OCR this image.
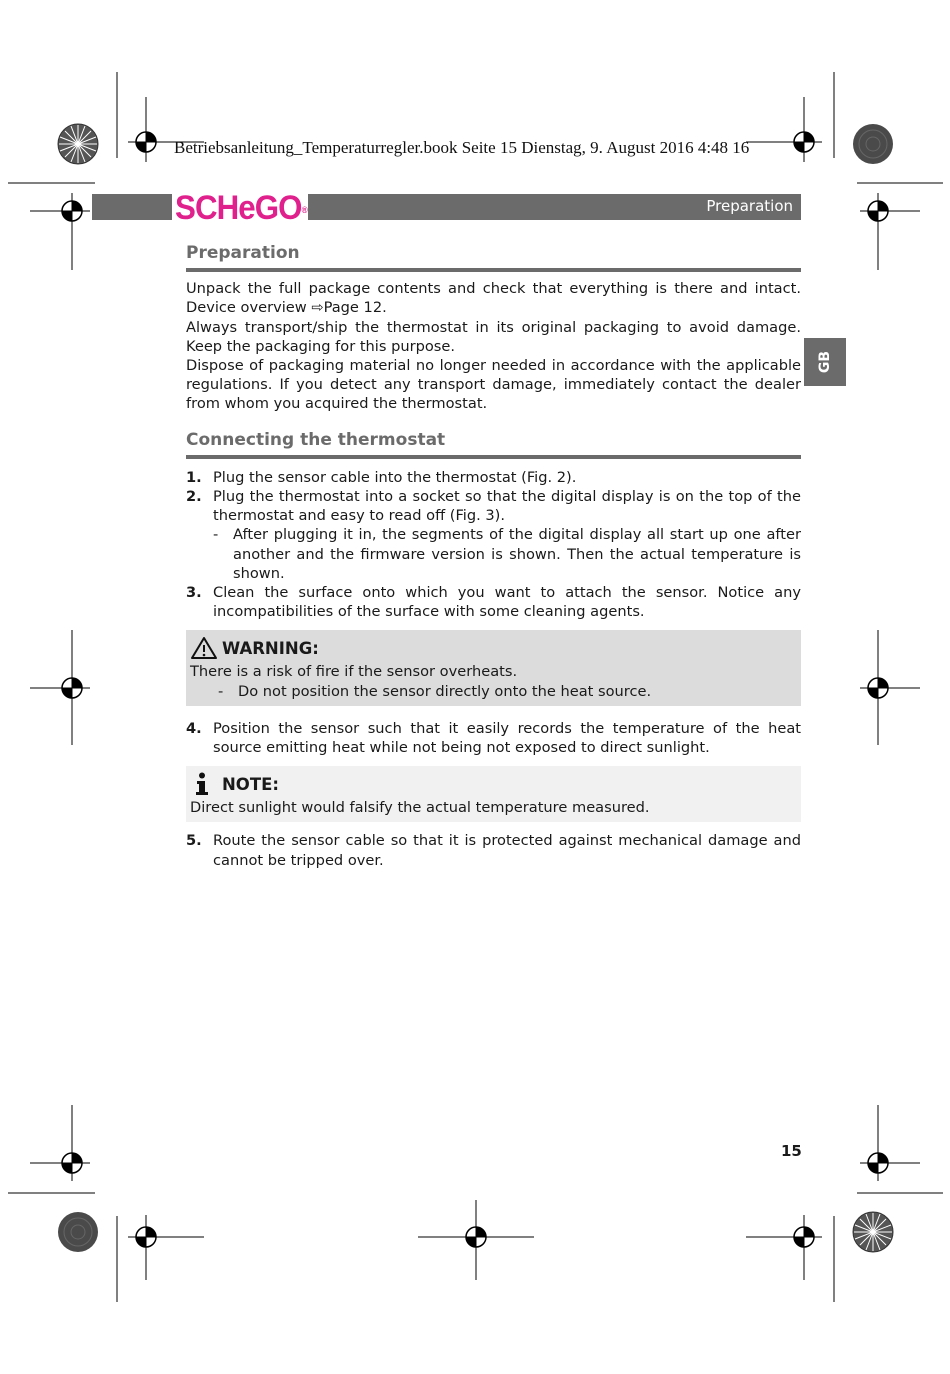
Betriebsanleitung_Temperaturregler.book Seite 15 Dienstag, 9. August 2016 4:48 16
SCHeGO®	Preparation
GB
Preparation

Unpack the full package contents and check that everything is there and intact. Device overview ⇨Page 12.

Always transport/ship the thermostat in its original packaging to avoid damage. Keep the packaging for this purpose.

Dispose of packaging material no longer needed in accordance with the applicable regulations. If you detect any transport damage, immediately contact the dealer from whom you acquired the thermostat.

Connecting the thermostat
1. Plug the sensor cable into the thermostat (Fig. 2).
2. Plug the thermostat into a socket so that the digital display is on the top of the thermostat and easy to read off (Fig. 3).
- After plugging it in, the segments of the digital display all start up one after another and the firmware version is shown. Then the actual temperature is shown.
3. Clean the surface onto which you want to attach the sensor. Notice any incompatibilities of the surface with some cleaning agents.
WARNING:
There is a risk of fire if the sensor overheats.
- Do not position the sensor directly onto the heat source.
4. Position the sensor such that it easily records the temperature of the heat source emitting heat while not being not exposed to direct sunlight.
NOTE:
Direct sunlight would falsify the actual temperature measured.
5. Route the sensor cable so that it is protected against mechanical damage and cannot be tripped over.
15
